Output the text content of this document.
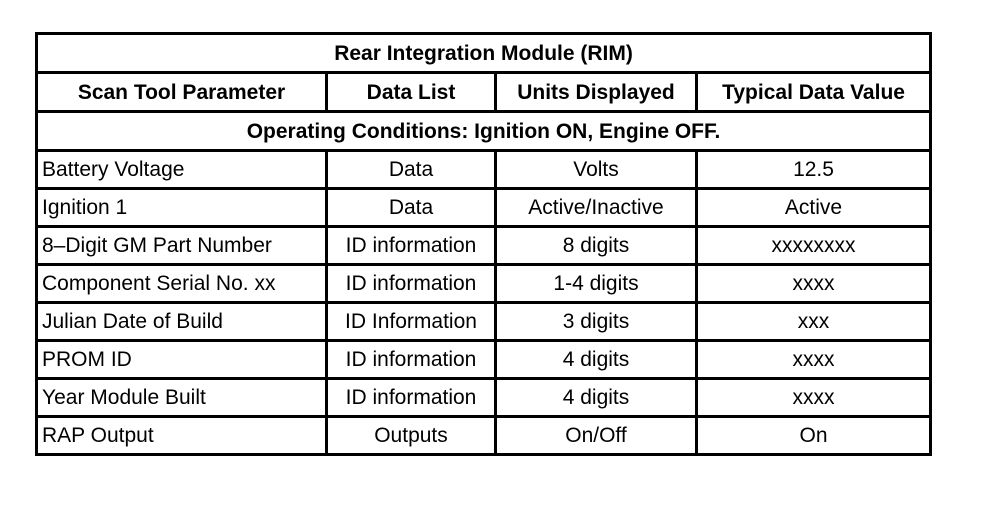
Rear Integration Module (RIM)			
Scan Tool Parameter	Data List	Units Displayed	Typical Data Value
Operating Conditions: Ignition ON, Engine OFF.			
Battery Voltage	Data	Volts	12.5
Ignition 1	Data	Active/Inactive	Active
8–Digit GM Part Number	ID information	8 digits	xxxxxxxx
Component Serial No. xx	ID information	1-4 digits	xxxx
Julian Date of Build	ID Information	3 digits	xxx
PROM ID	ID information	4 digits	xxxx
Year Module Built	ID information	4 digits	xxxx
RAP Output	Outputs	On/Off	On
